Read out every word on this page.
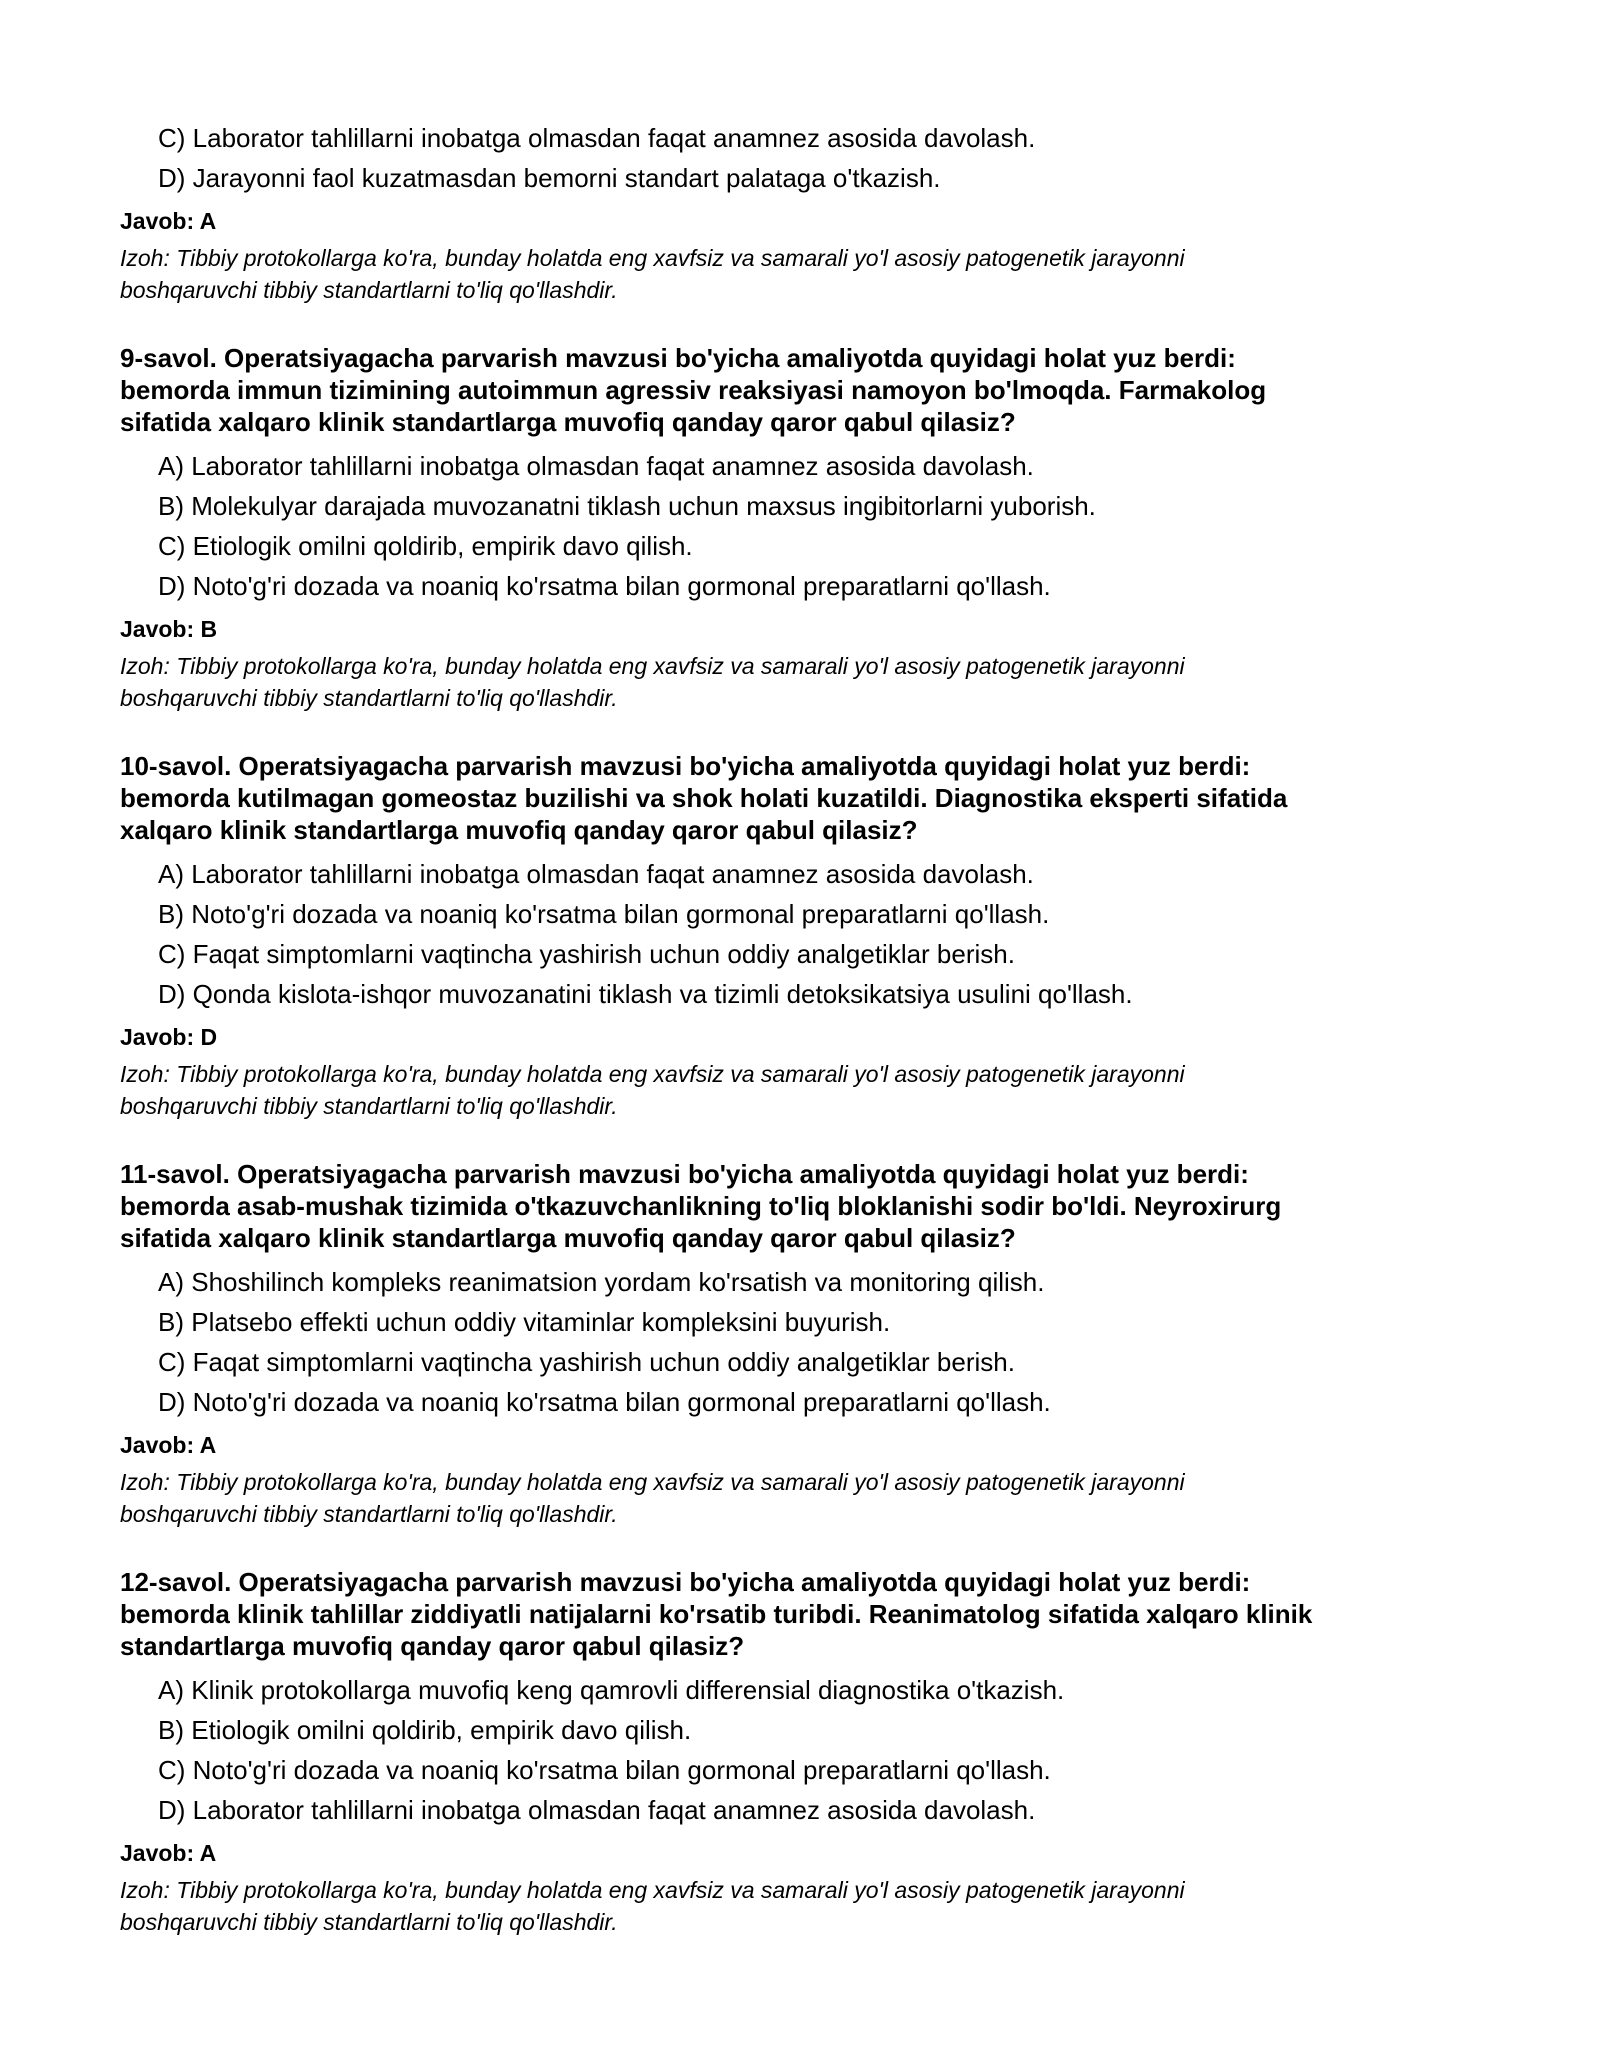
C) Laborator tahlillarni inobatga olmasdan faqat anamnez asosida davolash.
D) Jarayonni faol kuzatmasdan bemorni standart palataga o'tkazish.
Javob: A
Izoh: Tibbiy protokollarga ko'ra, bunday holatda eng xavfsiz va samarali yo'l asosiy patogenetik jarayonni
boshqaruvchi tibbiy standartlarni to'liq qo'llashdir.
9-savol. Operatsiyagacha parvarish mavzusi bo'yicha amaliyotda quyidagi holat yuz berdi:
bemorda immun tizimining autoimmun agressiv reaksiyasi namoyon bo'lmoqda. Farmakolog
sifatida xalqaro klinik standartlarga muvofiq qanday qaror qabul qilasiz?
A) Laborator tahlillarni inobatga olmasdan faqat anamnez asosida davolash.
B) Molekulyar darajada muvozanatni tiklash uchun maxsus ingibitorlarni yuborish.
C) Etiologik omilni qoldirib, empirik davo qilish.
D) Noto'g'ri dozada va noaniq ko'rsatma bilan gormonal preparatlarni qo'llash.
Javob: B
Izoh: Tibbiy protokollarga ko'ra, bunday holatda eng xavfsiz va samarali yo'l asosiy patogenetik jarayonni
boshqaruvchi tibbiy standartlarni to'liq qo'llashdir.
10-savol. Operatsiyagacha parvarish mavzusi bo'yicha amaliyotda quyidagi holat yuz berdi:
bemorda kutilmagan gomeostaz buzilishi va shok holati kuzatildi. Diagnostika eksperti sifatida
xalqaro klinik standartlarga muvofiq qanday qaror qabul qilasiz?
A) Laborator tahlillarni inobatga olmasdan faqat anamnez asosida davolash.
B) Noto'g'ri dozada va noaniq ko'rsatma bilan gormonal preparatlarni qo'llash.
C) Faqat simptomlarni vaqtincha yashirish uchun oddiy analgetiklar berish.
D) Qonda kislota-ishqor muvozanatini tiklash va tizimli detoksikatsiya usulini qo'llash.
Javob: D
Izoh: Tibbiy protokollarga ko'ra, bunday holatda eng xavfsiz va samarali yo'l asosiy patogenetik jarayonni
boshqaruvchi tibbiy standartlarni to'liq qo'llashdir.
11-savol. Operatsiyagacha parvarish mavzusi bo'yicha amaliyotda quyidagi holat yuz berdi:
bemorda asab-mushak tizimida o'tkazuvchanlikning to'liq bloklanishi sodir bo'ldi. Neyroxirurg
sifatida xalqaro klinik standartlarga muvofiq qanday qaror qabul qilasiz?
A) Shoshilinch kompleks reanimatsion yordam ko'rsatish va monitoring qilish.
B) Platsebo effekti uchun oddiy vitaminlar kompleksini buyurish.
C) Faqat simptomlarni vaqtincha yashirish uchun oddiy analgetiklar berish.
D) Noto'g'ri dozada va noaniq ko'rsatma bilan gormonal preparatlarni qo'llash.
Javob: A
Izoh: Tibbiy protokollarga ko'ra, bunday holatda eng xavfsiz va samarali yo'l asosiy patogenetik jarayonni
boshqaruvchi tibbiy standartlarni to'liq qo'llashdir.
12-savol. Operatsiyagacha parvarish mavzusi bo'yicha amaliyotda quyidagi holat yuz berdi:
bemorda klinik tahlillar ziddiyatli natijalarni ko'rsatib turibdi. Reanimatolog sifatida xalqaro klinik
standartlarga muvofiq qanday qaror qabul qilasiz?
A) Klinik protokollarga muvofiq keng qamrovli differensial diagnostika o'tkazish.
B) Etiologik omilni qoldirib, empirik davo qilish.
C) Noto'g'ri dozada va noaniq ko'rsatma bilan gormonal preparatlarni qo'llash.
D) Laborator tahlillarni inobatga olmasdan faqat anamnez asosida davolash.
Javob: A
Izoh: Tibbiy protokollarga ko'ra, bunday holatda eng xavfsiz va samarali yo'l asosiy patogenetik jarayonni
boshqaruvchi tibbiy standartlarni to'liq qo'llashdir.
